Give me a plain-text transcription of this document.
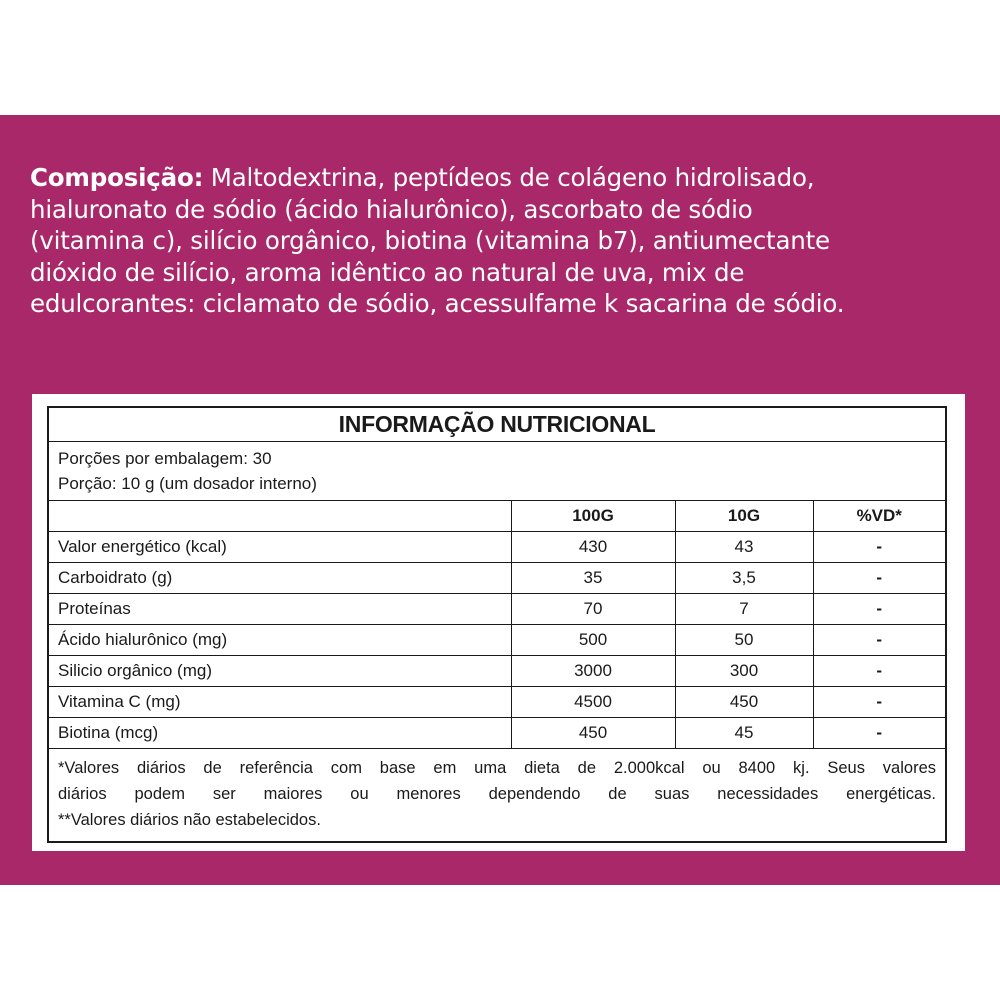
Composição: Maltodextrina, peptídeos de colágeno hidrolisado,
hialuronato de sódio (ácido hialurônico), ascorbato de sódio
(vitamina c), silício orgânico, biotina (vitamina b7), antiumectante
dióxido de silício, aroma idêntico ao natural de uva, mix de
edulcorantes: ciclamato de sódio, acessulfame k sacarina de sódio.
INFORMAÇÃO NUTRICIONAL
Porções por embalagem: 30
Porção: 10 g (um dosador interno)
	100G	10G	%VD*
Valor energético (kcal)	430	43	-
Carboidrato (g)	35	3,5	-
Proteínas	70	7	-
Ácido hialurônico (mg)	500	50	-
Silicio orgânico (mg)	3000	300	-
Vitamina C (mg)	4500	450	-
Biotina (mcg)	450	45	-
*Valores diários de referência com base em uma dieta de 2.000kcal ou 8400 kj. Seus valores
diários podem ser maiores ou menores dependendo de suas necessidades energéticas.
**Valores diários não estabelecidos.
